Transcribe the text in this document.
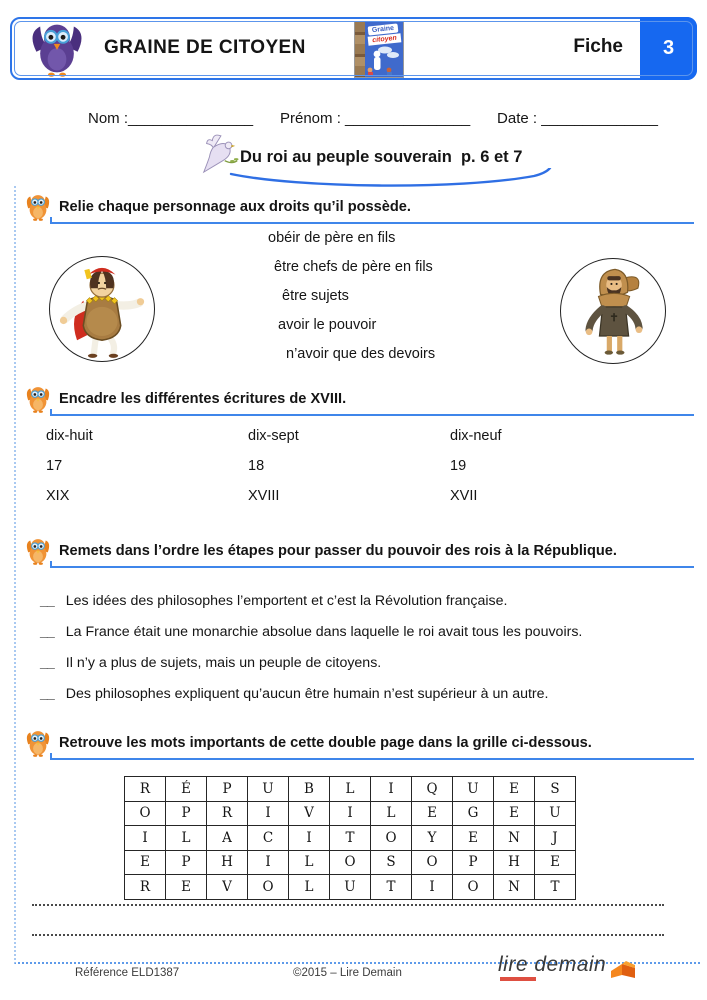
GRAINE DE CITOYEN
Graine
citoyen	Fiche	3
Nom :_______________ Prénom : _______________ Date : ______________
Du roi au peuple souverain  p. 6 et 7
Relie chaque personnage aux droits qu’il possède.
obéir de père en fils
être chefs de père en fils
être sujets
avoir le pouvoir
n’avoir que des devoirs
Encadre les différentes écritures de XVIII.
dix-huit	dix-sept	dix-neuf
17	18	19
XIX	XVIII	XVII
Remets dans l’ordre les étapes pour passer du pouvoir des rois à la République.
__ Les idées des philosophes l’emportent et c’est la Révolution française.
__ La France était une monarchie absolue dans laquelle le roi avait tous les pouvoirs.
__ Il n’y a plus de sujets, mais un peuple de citoyens.
__ Des philosophes expliquent qu’aucun être humain n’est supérieur à un autre.
Retrouve les mots importants de cette double page dans la grille ci-dessous.
R	É	P	U	B	L	I	Q	U	E	S
O	P	R	I	V	I	L	E	G	E	U
I	L	A	C	I	T	O	Y	E	N	J
E	P	H	I	L	O	S	O	P	H	E
R	E	V	O	L	U	T	I	O	N	T
Référence ELD1387	©2015 – Lire Demain	lire demain
